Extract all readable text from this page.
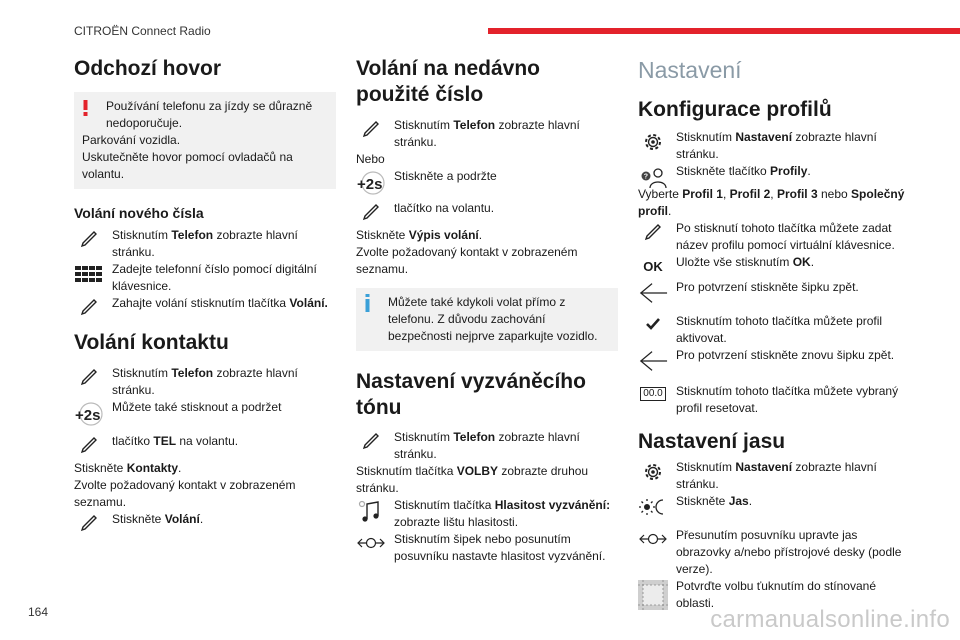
CITROËN Connect Radio
Odchozí hovor
Používání telefonu za jízdy se důrazně nedoporučuje.
Parkování vozidla.
Uskutečněte hovor pomocí ovladačů na volantu.
Volání nového čísla
Stisknutím Telefon zobrazte hlavní stránku.
Zadejte telefonní číslo pomocí digitální klávesnice.
Zahajte volání stisknutím tlačítka Volání.
Volání kontaktu
Stisknutím Telefon zobrazte hlavní stránku.
+2s Můžete také stisknout a podržet
tlačítko TEL na volantu.

Stiskněte Kontakty.

Zvolte požadovaný kontakt v zobrazeném seznamu.

Stiskněte Volání.
Volání na nedávno použité číslo
Stisknutím Telefon zobrazte hlavní stránku.

Nebo

+2s Stiskněte a podržte
tlačítko na volantu.

Stiskněte Výpis volání.

Zvolte požadovaný kontakt v zobrazeném seznamu.

Můžete také kdykoli volat přímo z telefonu. Z důvodu zachování bezpečnosti nejprve zaparkujte vozidlo.
Nastavení vyzváněcího tónu
Stisknutím Telefon zobrazte hlavní stránku.

Stisknutím tlačítka VOLBY zobrazte druhou stránku.

Stisknutím tlačítka Hlasitost vyzvánění: zobrazte lištu hlasitosti.
Stisknutím šipek nebo posunutím posuvníku nastavte hlasitost vyzvánění.
Nastavení
Konfigurace profilů
Stisknutím Nastavení zobrazte hlavní stránku.
? Stiskněte tlačítko Profily.

Vyberte Profil 1, Profil 2, Profil 3 nebo Společný profil.

Po stisknutí tohoto tlačítka můžete zadat název profilu pomocí virtuální klávesnice.
OK Uložte vše stisknutím OK.
Pro potvrzení stiskněte šipku zpět.
Stisknutím tohoto tlačítka můžete profil aktivovat.
Pro potvrzení stiskněte znovu šipku zpět.
00.0 Stisknutím tohoto tlačítka můžete vybraný profil resetovat.
Nastavení jasu
Stisknutím Nastavení zobrazte hlavní stránku.
Stiskněte Jas.
Přesunutím posuvníku upravte jas obrazovky a/nebo přístrojové desky (podle verze).
Potvrďte volbu ťuknutím do stínované oblasti.
164	carmanualsonline.info
